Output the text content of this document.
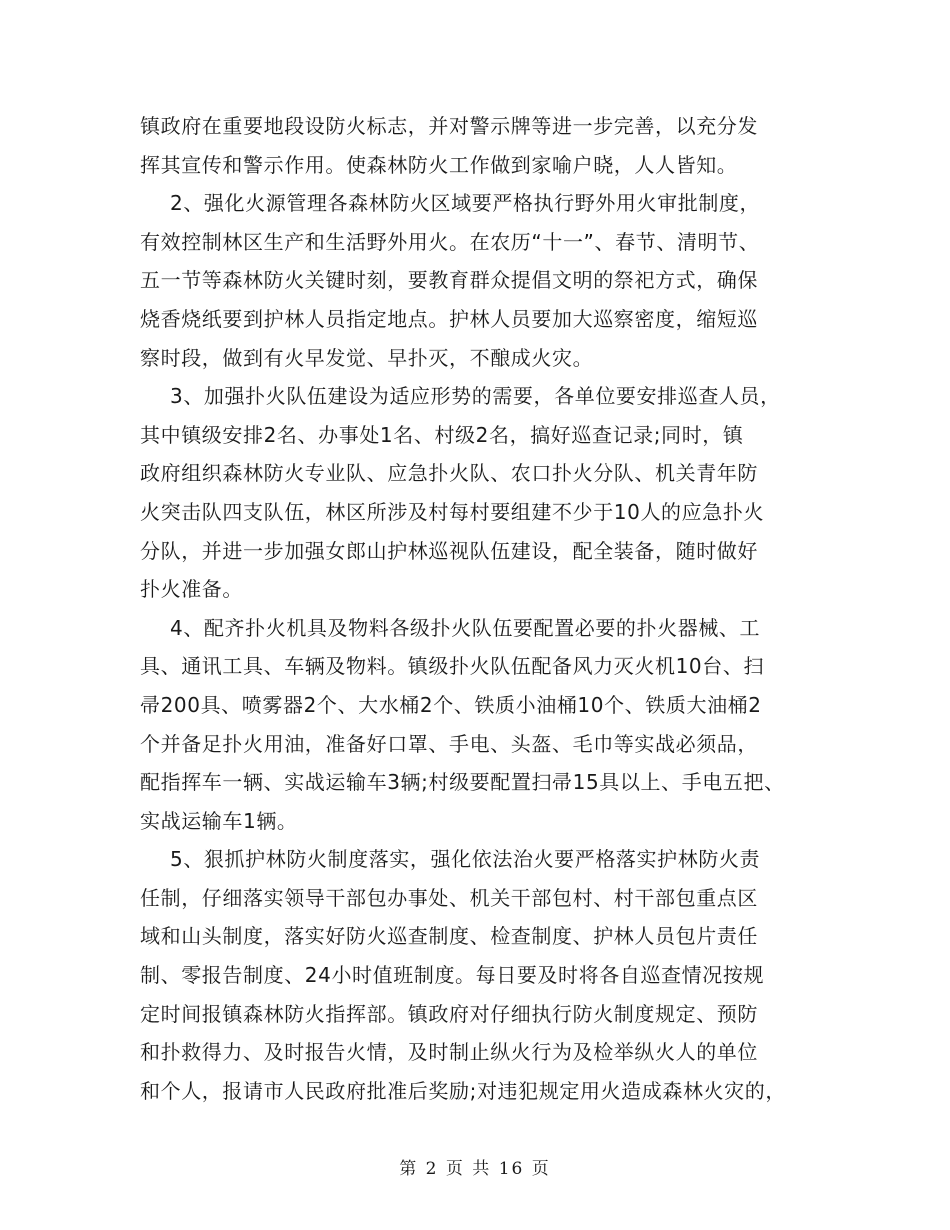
镇政府在重要地段设防火标志，并对警示牌等进一步完善，以充分发
挥其宣传和警示作用。使森林防火工作做到家喻户晓，人人皆知。
2、强化火源管理各森林防火区域要严格执行野外用火审批制度，
有效控制林区生产和生活野外用火。在农历“十一”、春节、清明节、
五一节等森林防火关键时刻，要教育群众提倡文明的祭祀方式，确保
烧香烧纸要到护林人员指定地点。护林人员要加大巡察密度，缩短巡
察时段，做到有火早发觉、早扑灭，不酿成火灾。
3、加强扑火队伍建设为适应形势的需要，各单位要安排巡查人员，
其中镇级安排2名、办事处1名、村级2名，搞好巡查记录;同时，镇
政府组织森林防火专业队、应急扑火队、农口扑火分队、机关青年防
火突击队四支队伍，林区所涉及村每村要组建不少于10人的应急扑火
分队，并进一步加强女郎山护林巡视队伍建设，配全装备，随时做好
扑火准备。
4、配齐扑火机具及物料各级扑火队伍要配置必要的扑火器械、工
具、通讯工具、车辆及物料。镇级扑火队伍配备风力灭火机10台、扫
帚200具、喷雾器2个、大水桶2个、铁质小油桶10个、铁质大油桶2
个并备足扑火用油，准备好口罩、手电、头盔、毛巾等实战必须品，
配指挥车一辆、实战运输车3辆;村级要配置扫帚15具以上、手电五把、
实战运输车1辆。
5、狠抓护林防火制度落实，强化依法治火要严格落实护林防火责
任制，仔细落实领导干部包办事处、机关干部包村、村干部包重点区
域和山头制度，落实好防火巡查制度、检查制度、护林人员包片责任
制、零报告制度、24小时值班制度。每日要及时将各自巡查情况按规
定时间报镇森林防火指挥部。镇政府对仔细执行防火制度规定、预防
和扑救得力、及时报告火情，及时制止纵火行为及检举纵火人的单位
和个人，报请市人民政府批准后奖励;对违犯规定用火造成森林火灾的，
第 2 页 共 16 页
